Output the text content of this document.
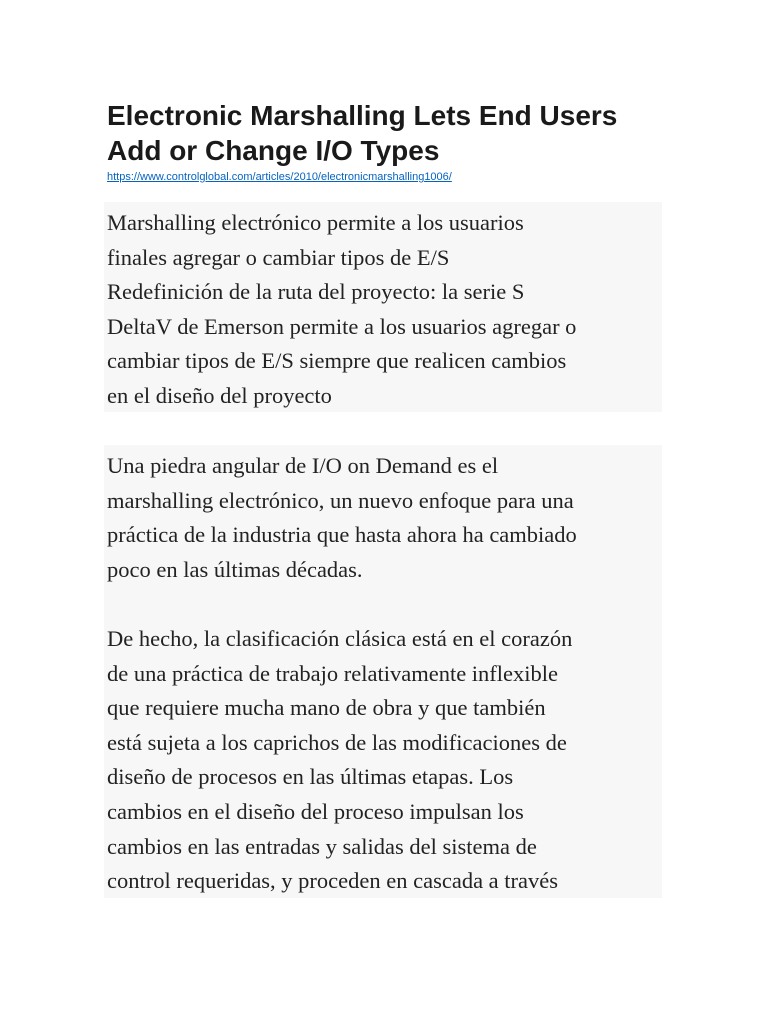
Electronic Marshalling Lets End Users
Add or Change I/O Types
https://www.controlglobal.com/articles/2010/electronicmarshalling1006/

Marshalling electrónico permite a los usuarios
finales agregar o cambiar tipos de E/S
Redefinición de la ruta del proyecto: la serie S
DeltaV de Emerson permite a los usuarios agregar o
cambiar tipos de E/S siempre que realicen cambios
en el diseño del proyecto

Una piedra angular de I/O on Demand es el
marshalling electrónico, un nuevo enfoque para una
práctica de la industria que hasta ahora ha cambiado
poco en las últimas décadas.

De hecho, la clasificación clásica está en el corazón
de una práctica de trabajo relativamente inflexible
que requiere mucha mano de obra y que también
está sujeta a los caprichos de las modificaciones de
diseño de procesos en las últimas etapas. Los
cambios en el diseño del proceso impulsan los
cambios en las entradas y salidas del sistema de
control requeridas, y proceden en cascada a través
